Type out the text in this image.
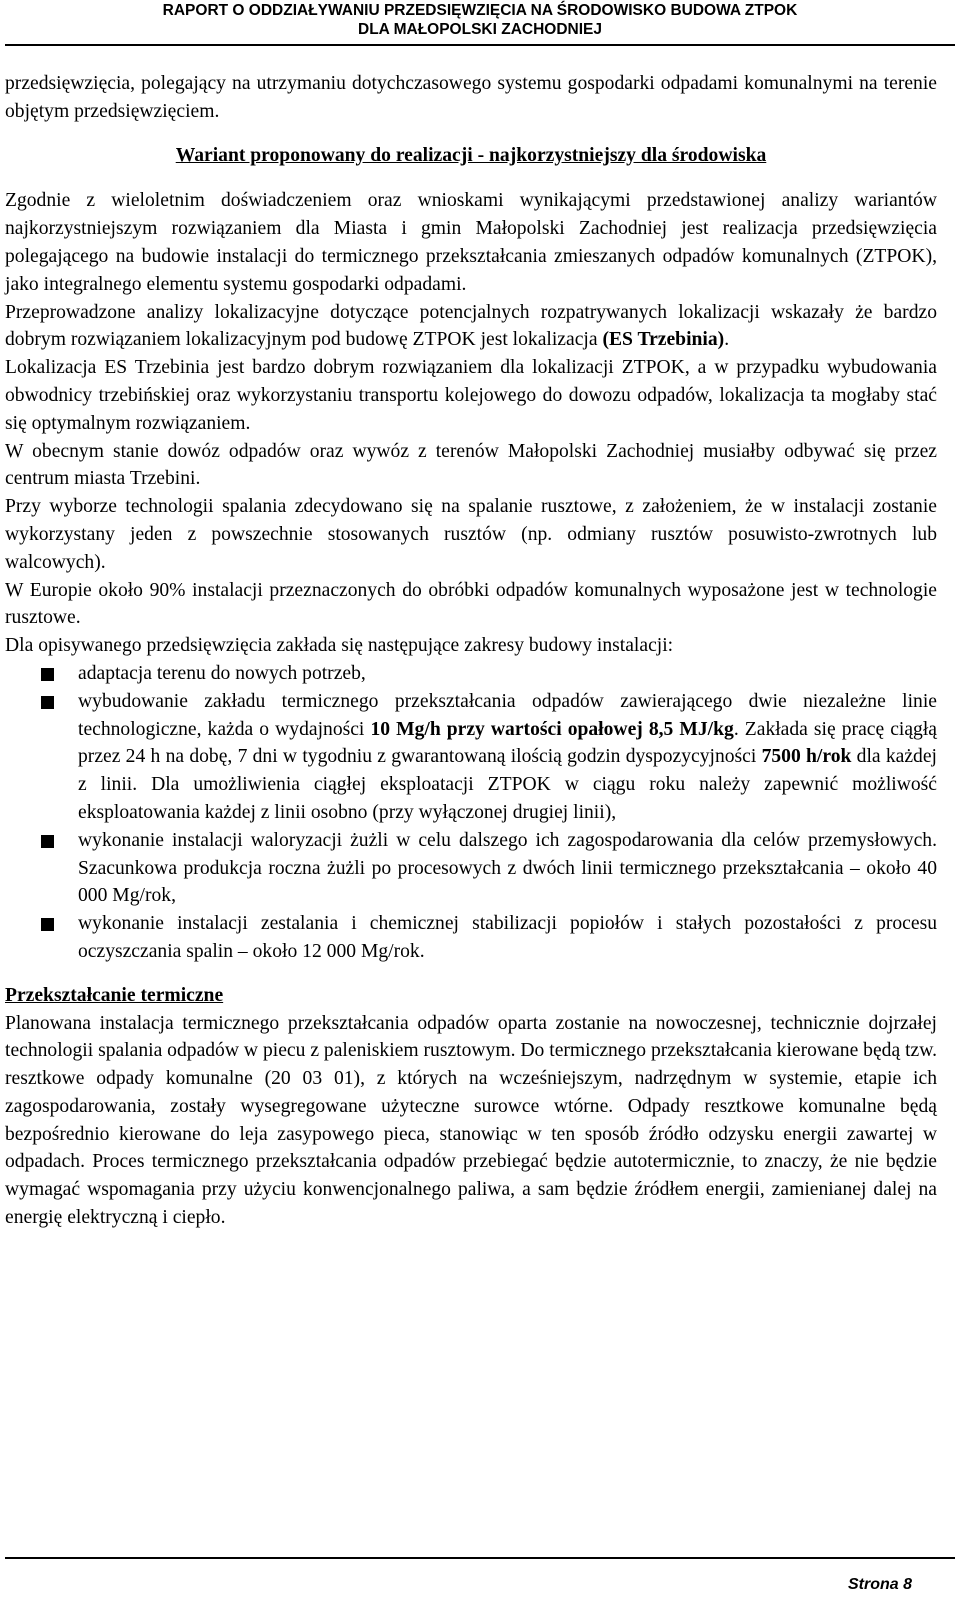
RAPORT O ODDZIAŁYWANIU PRZEDSIĘWZIĘCIA NA ŚRODOWISKO BUDOWA ZTPOK
DLA MAŁOPOLSKI ZACHODNIEJ

przedsięwzięcia, polegający na utrzymaniu dotychczasowego systemu gospodarki odpadami komunalnymi na terenie objętym przedsięwzięciem.

Wariant proponowany do realizacji - najkorzystniejszy dla środowiska

Zgodnie z wieloletnim doświadczeniem oraz wnioskami wynikającymi przedstawionej analizy wariantów najkorzystniejszym rozwiązaniem dla Miasta i gmin Małopolski Zachodniej jest realizacja przedsięwzięcia polegającego na budowie instalacji do termicznego przekształcania zmieszanych odpadów komunalnych (ZTPOK), jako integralnego elementu systemu gospodarki odpadami.

Przeprowadzone analizy lokalizacyjne dotyczące potencjalnych rozpatrywanych lokalizacji wskazały że bardzo dobrym rozwiązaniem lokalizacyjnym pod budowę ZTPOK jest lokalizacja (ES Trzebinia).

Lokalizacja ES Trzebinia jest bardzo dobrym rozwiązaniem dla lokalizacji ZTPOK, a w przypadku wybudowania obwodnicy trzebińskiej oraz wykorzystaniu transportu kolejowego do dowozu odpadów, lokalizacja ta mogłaby stać się optymalnym rozwiązaniem.

W obecnym stanie dowóz odpadów oraz wywóz z terenów Małopolski Zachodniej musiałby odbywać się przez centrum miasta Trzebini.

Przy wyborze technologii spalania zdecydowano się na spalanie rusztowe, z założeniem, że w instalacji zostanie wykorzystany jeden z powszechnie stosowanych rusztów (np. odmiany rusztów posuwisto-zwrotnych lub walcowych).

W Europie około 90% instalacji przeznaczonych do obróbki odpadów komunalnych wyposażone jest w technologie rusztowe.

Dla opisywanego przedsięwzięcia zakłada się następujące zakresy budowy instalacji:

adaptacja terenu do nowych potrzeb,
wybudowanie zakładu termicznego przekształcania odpadów zawierającego dwie niezależne linie technologiczne, każda o wydajności 10 Mg/h przy wartości opałowej 8,5 MJ/kg. Zakłada się pracę ciągłą przez 24 h na dobę, 7 dni w tygodniu z gwarantowaną ilością godzin dyspozycyjności 7500 h/rok dla każdej z linii. Dla umożliwienia ciągłej eksploatacji ZTPOK w ciągu roku należy zapewnić możliwość eksploatowania każdej z linii osobno (przy wyłączonej drugiej linii),
wykonanie instalacji waloryzacji żużli w celu dalszego ich zagospodarowania dla celów przemysłowych. Szacunkowa produkcja roczna żużli po procesowych z dwóch linii termicznego przekształcania – około 40 000 Mg/rok,
wykonanie instalacji zestalania i chemicznej stabilizacji popiołów i stałych pozostałości z procesu oczyszczania spalin – około 12 000 Mg/rok.

Przekształcanie termiczne

Planowana instalacja termicznego przekształcania odpadów oparta zostanie na nowoczesnej, technicznie dojrzałej technologii spalania odpadów w piecu z paleniskiem rusztowym. Do termicznego przekształcania kierowane będą tzw. resztkowe odpady komunalne (20 03 01), z których na wcześniejszym, nadrzędnym w systemie, etapie ich zagospodarowania, zostały wysegregowane użyteczne surowce wtórne. Odpady resztkowe komunalne będą bezpośrednio kierowane do leja zasypowego pieca, stanowiąc w ten sposób źródło odzysku energii zawartej w odpadach. Proces termicznego przekształcania odpadów przebiegać będzie autotermicznie, to znaczy, że nie będzie wymagać wspomagania przy użyciu konwencjonalnego paliwa, a sam będzie źródłem energii, zamienianej dalej na energię elektryczną i ciepło.

Strona 8
